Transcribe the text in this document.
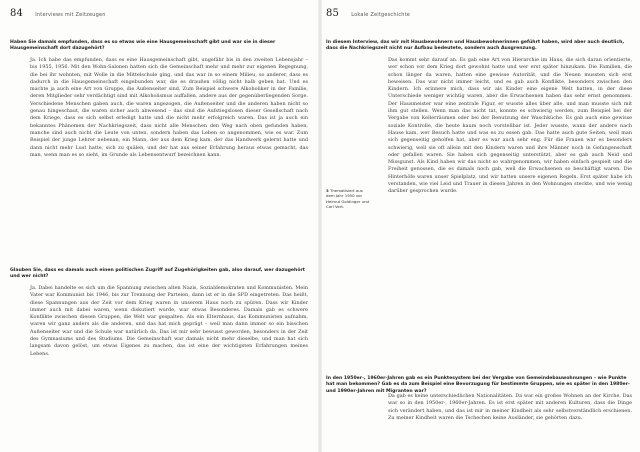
84 Interviews mit Zeitzeugen
Haben Sie damals empfunden, dass es so etwas wie eine Hausgemeinschaft gibt und war sie in dieser Hausgemeinschaft dort dazugehört?
Ja. Ich habe das empfunden, dass es eine Hausgemeinschaft gibt, ungefähr bis in den zweiten Lebensjahr – bis 1955, 1956. Mit den Wohn-Salonen hatten sich die Gemeinschaft mehr und mehr zur eigenen Begegnung, die bei ihr wohnten, mit Wolle in die Mittelschule ging, und das war in so einem Milieu, so anderer, dass es dadurch in die Hausgemeinschaft eingebunden war, die es draußen völlig nicht halb geben hat. Und es machte ja auch eine Art von Gruppe, die Außenseiter sind. Zum Beispiel schwere Alkoholiker in der Familie, deren Mitglieder sehr verdächtigt sind mit Alkoholismus auffallen, andere aus der gegenüberliegenden Sorge. Verschiedene Menschen gaben auch, die waren angezogen, die Außenseiter und die anderen haben nicht so genau hingeschaut, die waren sicher auch abwesend – das sind die Aufstiegslosen dieser Gesellschaft nach dem Kriege, dass es sich selbst erledigt hatte und die nicht mehr erfolgreich waren. Das ist ja auch ein bekanntes Phänomen der Nachkriegszeit, dass nicht alle Menschen den Weg nach oben gefunden haben, manche sind auch nicht die Leute von unten, sondern haben das Leben so angenommen, wie es war. Zum Beispiel der junge Lehrer nebenan, ein Mann, der aus dem Krieg kam, der das Handwerk gelernt hatte und dann nicht mehr Lust hatte, sich zu quälen, und der hat aus seiner Erfahrung heraus etwas gemacht, das man, wenn man es so sieht, im Grunde als Lebensentwurf bezeichnen kann.
Glauben Sie, dass es damals auch einen politischen Zugriff auf Zugehörigkeiten gab, also darauf, wer dazugehört und wer nicht?
Ja. Dabei handelte es sich um die Spannung zwischen alten Nazis, Sozialdemokraten und Kommunisten. Mein Vater war Kommunist bis 1946, bis zur Trennung der Parteien, dann ist er in die SPD eingetreten. Das heißt, diese Spannungen aus der Zeit vor dem Krieg waren in unserem Haus noch zu spüren. Dass wir Kinder immer auch mit dabei waren, wenn diskutiert wurde, war etwas Besonderes. Damals gab es schwere Konflikte zwischen diesen Gruppen, die Welt war gespalten. Als ein Elternhaus, das Kommunisten aufnahm, waren wir ganz anders als die anderen, und das hat mich geprägt – weil man dann immer so ein bisschen Außenseiter war und die Schule war natürlich da. Das ist mir sehr bewusst geworden, besonders in der Zeit des Gymnasiums und des Studiums. Die Gemeinschaft war damals nicht mehr dieselbe, und man hat sich langsam davon gelöst, um etwas Eigenes zu machen, das ist eine der wichtigsten Erfahrungen meines Lebens.
85 Lokale Zeitgeschichte
In diesem Interview, das wir mit Hausbewohnern und Hausbewohnerinnen geführt haben, wird aber auch deutlich, dass die Nachkriegszeit nicht nur Aufbau bedeutete, sondern auch Ausgrenzung.
3 Thematisiert aus dem Jahr 1950 vor Helmut Goldinger und Carl Vert.
Das kommt sehr darauf an. Es gab eine Art von Hierarchie im Haus, die sich daran orientierte, wer schon vor dem Krieg dort gewohnt hatte und wer erst später hinzukam. Die Familien, die schon länger da waren, hatten eine gewisse Autorität, und die Neuen mussten sich erst beweisen. Das war nicht immer leicht, und es gab auch Konflikte, besonders zwischen den Kindern. Ich erinnere mich, dass wir als Kinder eine eigene Welt hatten, in der diese Unterschiede weniger wichtig waren, aber die Erwachsenen haben das sehr ernst genommen. Der Hausmeister war eine zentrale Figur, er wusste alles über alle, und man musste sich mit ihm gut stellen. Wenn man das nicht tat, konnte es schwierig werden, zum Beispiel bei der Vergabe von Kellerräumen oder bei der Benutzung der Waschküche. Es gab auch eine gewisse soziale Kontrolle, die heute kaum noch vorstellbar ist. Jeder wusste, wann der andere nach Hause kam, wer Besuch hatte und was es zu essen gab. Das hatte auch gute Seiten, weil man sich gegenseitig geholfen hat, aber es war auch sehr eng. Für die Frauen war es besonders schwierig, weil sie oft allein mit den Kindern waren und ihre Männer noch in Gefangenschaft oder gefallen waren. Sie haben sich gegenseitig unterstützt, aber es gab auch Neid und Missgunst. Als Kind haben wir das nicht so wahrgenommen, wir haben einfach gespielt und die Freiheit genossen, die es damals noch gab, weil die Erwachsenen so beschäftigt waren. Die Hinterhöfe waren unser Spielplatz, und wir hatten unsere eigenen Regeln. Erst später habe ich verstanden, wie viel Leid und Trauer in diesen Jahren in den Wohnungen steckte, und wie wenig darüber gesprochen wurde.
In den 1950er-, 1960er-Jahren gab es ein Punktesystem bei der Vergabe von Gemeindebauwohnungen – wie Punkte hat man bekommen? Gab es da zum Beispiel eine Bevorzugung für bestimmte Gruppen, wie es später in den 1980er- und 1990er-Jahren mit Migranten war?
Da gab es keine unterschiedlichen Nationalitäten. Da war ein großes Wohnen an der Kirche. Das war so in den 1950er-, 1960er-Jahren. Es ist erst später mit anderen Kulturen, dass die Dinge sich verändert haben, und das ist mir in meiner Kindheit als sehr selbstverständlich erschienen. Zu meiner Kindheit waren die Tschechen keine Ausländer, sie gehörten dazu.
